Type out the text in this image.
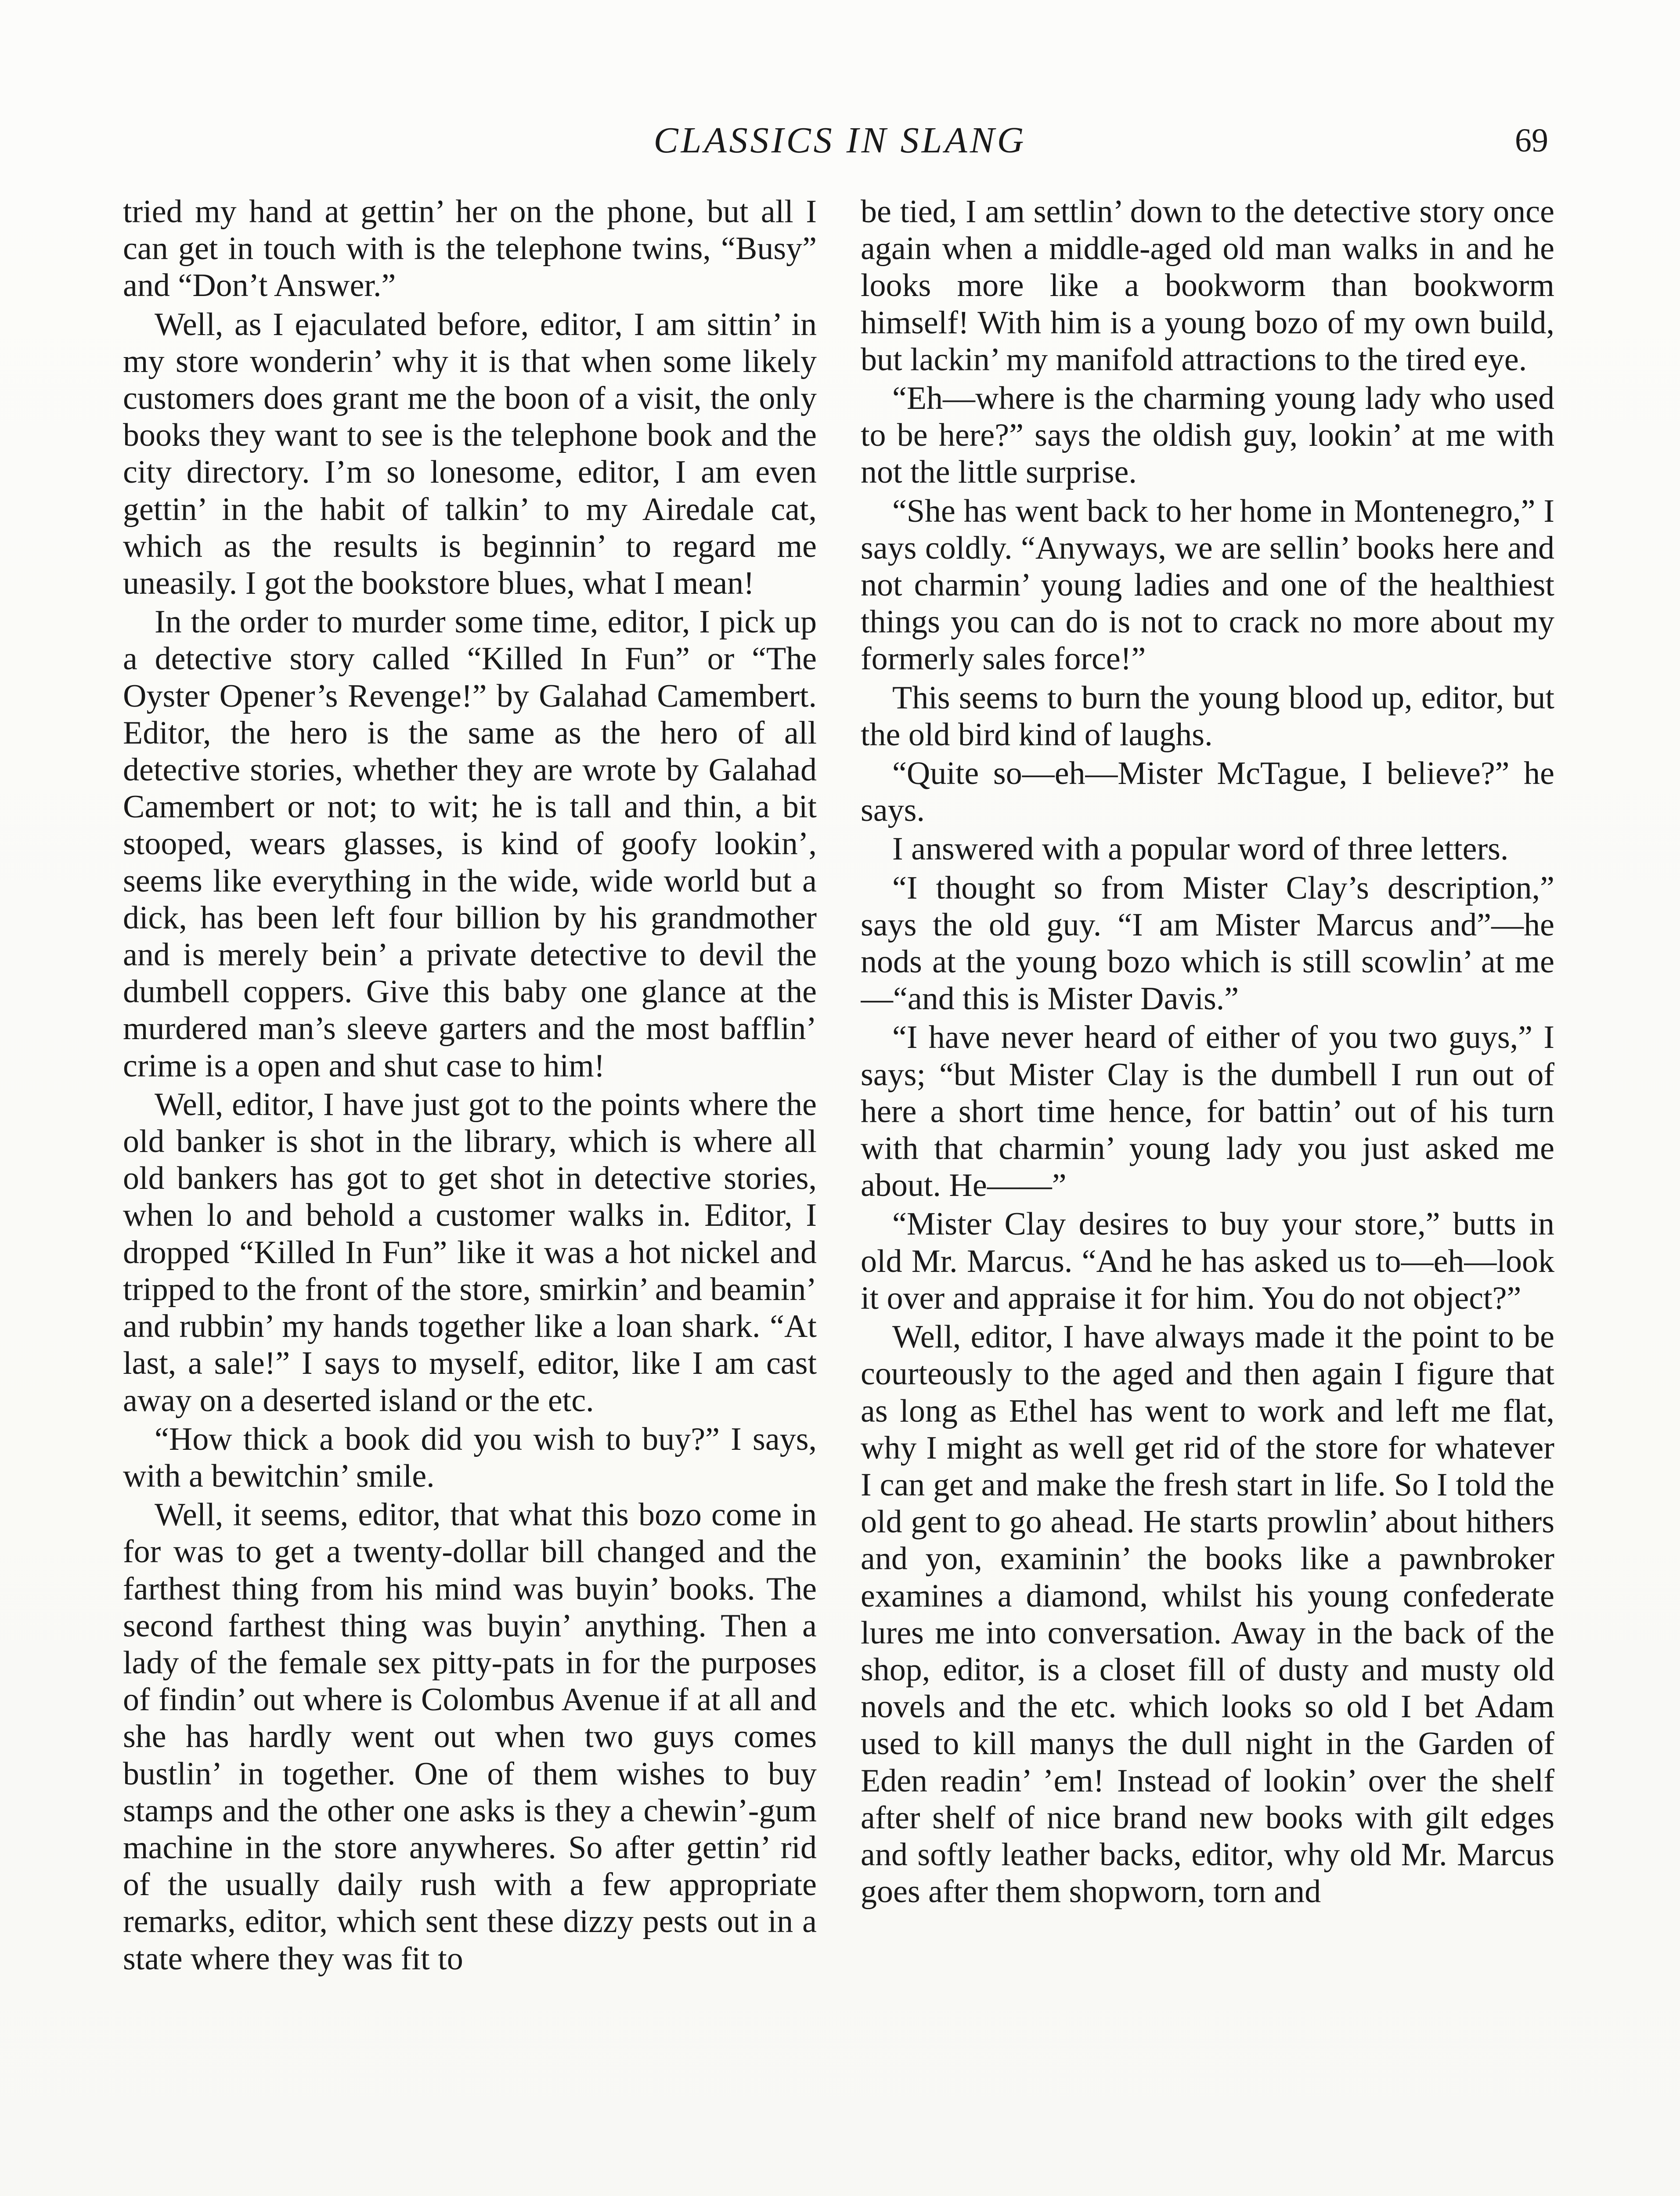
CLASSICS IN SLANG	69

tried my hand at gettin’ her on the phone, but all I can get in touch with is the telephone twins, “Busy” and “Don’t Answer.”

Well, as I ejaculated before, editor, I am sittin’ in my store wonderin’ why it is that when some likely customers does grant me the boon of a visit, the only books they want to see is the telephone book and the city directory. I’m so lonesome, editor, I am even gettin’ in the habit of talkin’ to my Airedale cat, which as the results is beginnin’ to regard me uneasily. I got the bookstore blues, what I mean!

In the order to murder some time, editor, I pick up a detective story called “Killed In Fun” or “The Oyster Opener’s Revenge!” by Galahad Camembert. Editor, the hero is the same as the hero of all detective stories, whether they are wrote by Galahad Camembert or not; to wit; he is tall and thin, a bit stooped, wears glasses, is kind of goofy lookin’, seems like everything in the wide, wide world but a dick, has been left four billion by his grandmother and is merely bein’ a private detective to devil the dumbell coppers. Give this baby one glance at the murdered man’s sleeve garters and the most bafflin’ crime is a open and shut case to him!

Well, editor, I have just got to the points where the old banker is shot in the library, which is where all old bankers has got to get shot in detective stories, when lo and behold a customer walks in. Editor, I dropped “Killed In Fun” like it was a hot nickel and tripped to the front of the store, smirkin’ and beamin’ and rubbin’ my hands together like a loan shark. “At last, a sale!” I says to myself, editor, like I am cast away on a deserted island or the etc.

“How thick a book did you wish to buy?” I says, with a bewitchin’ smile.

Well, it seems, editor, that what this bozo come in for was to get a twenty-dollar bill changed and the farthest thing from his mind was buyin’ books. The second farthest thing was buyin’ anything. Then a lady of the female sex pitty-pats in for the purposes of findin’ out where is Colombus Avenue if at all and she has hardly went out when two guys comes bustlin’ in together. One of them wishes to buy stamps and the other one asks is they a chewin’-gum machine in the store anywheres. So after gettin’ rid of the usually daily rush with a few appropriate remarks, editor, which sent these dizzy pests out in a state where they was fit to

be tied, I am settlin’ down to the detective story once again when a middle-aged old man walks in and he looks more like a bookworm than bookworm himself! With him is a young bozo of my own build, but lackin’ my manifold attractions to the tired eye.

“Eh—where is the charming young lady who used to be here?” says the oldish guy, lookin’ at me with not the little surprise.

“She has went back to her home in Montenegro,” I says coldly. “Anyways, we are sellin’ books here and not charmin’ young ladies and one of the healthiest things you can do is not to crack no more about my formerly sales force!”

This seems to burn the young blood up, editor, but the old bird kind of laughs.

“Quite so—eh—Mister McTague, I believe?” he says.

I answered with a popular word of three letters.

“I thought so from Mister Clay’s description,” says the old guy. “I am Mister Marcus and”—he nods at the young bozo which is still scowlin’ at me—“and this is Mister Davis.”

“I have never heard of either of you two guys,” I says; “but Mister Clay is the dumbell I run out of here a short time hence, for battin’ out of his turn with that charmin’ young lady you just asked me about. He——”

“Mister Clay desires to buy your store,” butts in old Mr. Marcus. “And he has asked us to—eh—look it over and appraise it for him. You do not object?”

Well, editor, I have always made it the point to be courteously to the aged and then again I figure that as long as Ethel has went to work and left me flat, why I might as well get rid of the store for whatever I can get and make the fresh start in life. So I told the old gent to go ahead. He starts prowlin’ about hithers and yon, examinin’ the books like a pawnbroker examines a diamond, whilst his young confederate lures me into conversation. Away in the back of the shop, editor, is a closet fill of dusty and musty old novels and the etc. which looks so old I bet Adam used to kill manys the dull night in the Garden of Eden readin’ ’em! Instead of lookin’ over the shelf after shelf of nice brand new books with gilt edges and softly leather backs, editor, why old Mr. Marcus goes after them shopworn, torn and
